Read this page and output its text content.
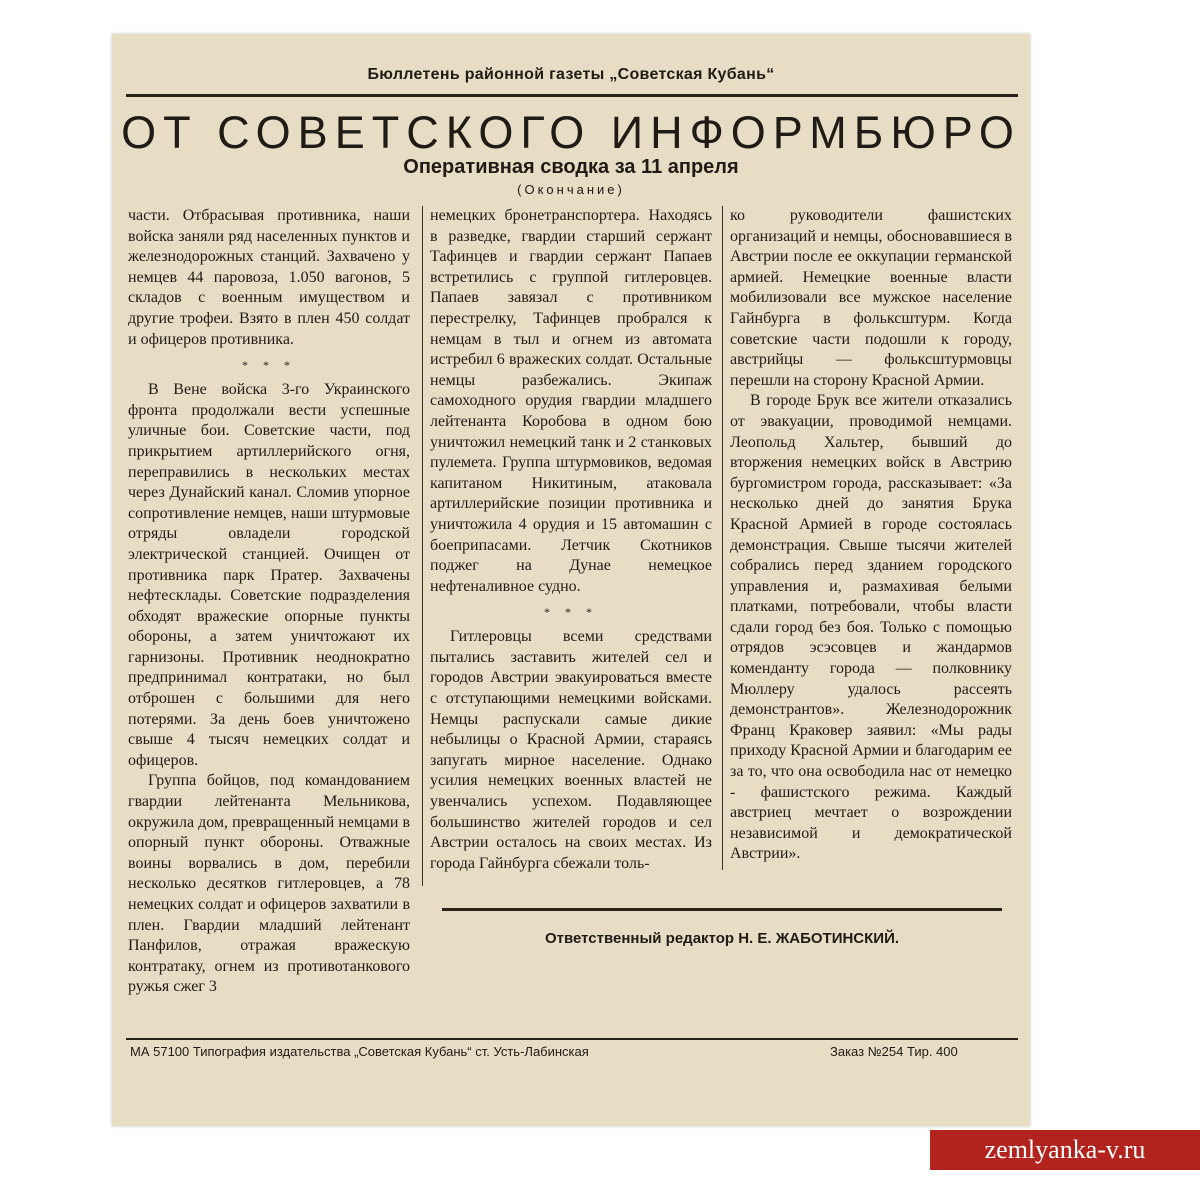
Бюллетень районной газеты „Советская Кубань“
ОТ СОВЕТСКОГО ИНФОРМБЮРО
Оперативная сводка за 11 апреля
(Окончание)

части. Отбрасывая противника, наши войска заняли ряд населенных пунктов и железнодорожных станций. Захвачено у немцев 44 паровоза, 1.050 вагонов, 5 складов с военным имуществом и другие трофеи. Взято в плен 450 солдат и офицеров противника.

* * *

В Вене войска 3-го Украинского фронта продолжали вести успешные уличные бои. Советские части, под прикрытием артиллерийского огня, переправились в нескольких местах через Дунайский канал. Сломив упорное сопротивление немцев, наши штурмовые отряды овладели городской электрической станцией. Очищен от противника парк Пратер. Захвачены нефтесклады. Советские подразделения обходят вражеские опорные пункты обороны, а затем уничтожают их гарнизоны. Противник неоднократно предпринимал контратаки, но был отброшен с большими для него потерями. За день боев уничтожено свыше 4 тысяч немецких солдат и офицеров.

Группа бойцов, под командованием гвардии лейтенанта Мельникова, окружила дом, превращенный немцами в опорный пункт обороны. Отважные воины ворвались в дом, перебили несколько десятков гитлеровцев, а 78 немецких солдат и офицеров захватили в плен. Гвардии младший лейтенант Панфилов, отражая вражескую контратаку, огнем из противотанкового ружья сжег 3

немецких бронетранспортера. Находясь в разведке, гвардии старший сержант Тафинцев и гвардии сержант Папаев встретились с группой гитлеровцев. Папаев завязал с противником перестрелку, Тафинцев пробрался к немцам в тыл и огнем из автомата истребил 6 вражеских солдат. Остальные немцы разбежались. Экипаж самоходного орудия гвардии младшего лейтенанта Коробова в одном бою уничтожил немецкий танк и 2 станковых пулемета. Группа штурмовиков, ведомая капитаном Никитиным, атаковала артиллерийские позиции противника и уничтожила 4 орудия и 15 автомашин с боеприпасами. Летчик Скотников поджег на Дунае немецкое нефтеналивное судно.

* * *

Гитлеровцы всеми средствами пытались заставить жителей сел и городов Австрии эвакуироваться вместе с отступающими немецкими войсками. Немцы распускали самые дикие небылицы о Красной Армии, стараясь запугать мирное население. Однако усилия немецких военных властей не увенчались успехом. Подавляющее большинство жителей городов и сел Австрии осталось на своих местах. Из города Гайнбурга сбежали толь-

ко руководители фашистских организаций и немцы, обосновавшиеся в Австрии после ее оккупации германской армией. Немецкие военные власти мобилизовали все мужское население Гайнбурга в фольксштурм. Когда советские части подошли к городу, австрийцы — фольксштурмовцы перешли на сторону Красной Армии.

В городе Брук все жители отказались от эвакуации, проводимой немцами. Леопольд Хальтер, бывший до вторжения немецких войск в Австрию бургомистром города, рассказывает: «За несколько дней до занятия Брука Красной Армией в городе состоялась демонстрация. Свыше тысячи жителей собрались перед зданием городского управления и, размахивая белыми платками, потребовали, чтобы власти сдали город без боя. Только с помощью отрядов эсэсовцев и жандармов коменданту города — полковнику Мюллеру удалось рассеять демонстрантов». Железнодорожник Франц Краковер заявил: «Мы рады приходу Красной Армии и благодарим ее за то, что она освободила нас от немецко - фашистского режима. Каждый австриец мечтает о возрождении независимой и демократической Австрии».

Ответственный редактор Н. Е. ЖАБОТИНСКИЙ.
МА 57100 Типография издательства „Советская Кубань“ ст. Усть-Лабинская	Заказ №254 Тир. 400
zemlyanka-v.ru
